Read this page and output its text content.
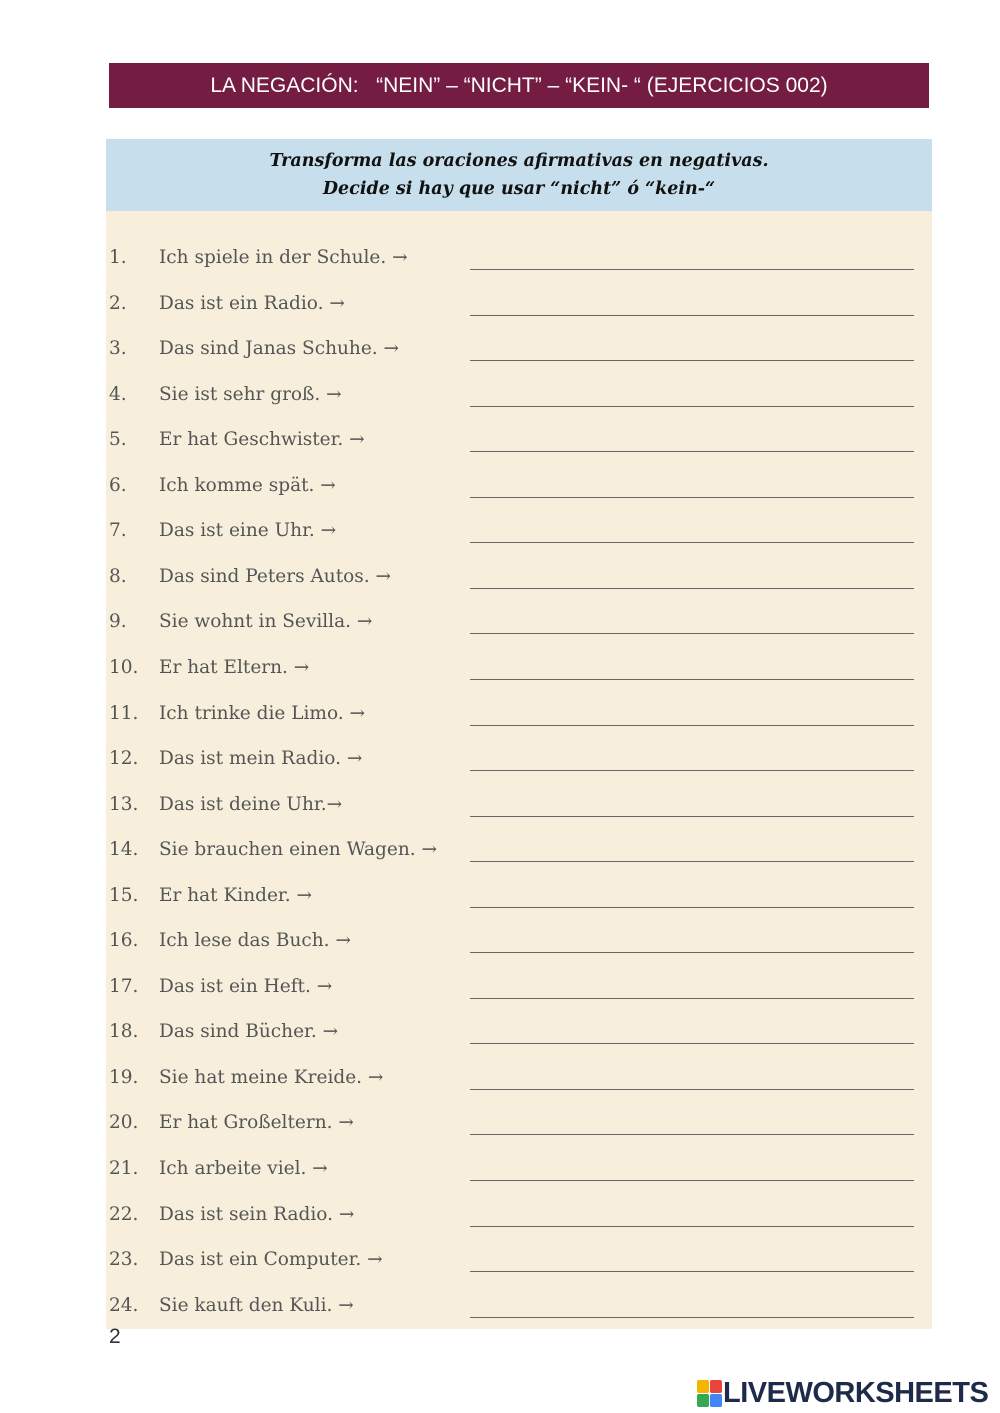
LA NEGACIÓN:   “NEIN” – “NICHT” – “KEIN- “ (EJERCICIOS 002)
Transforma las oraciones afirmativas en negativas.
Decide si hay que usar “nicht” ó “kein-“
1. Ich spiele in der Schule. →
2. Das ist ein Radio. →
3. Das sind Janas Schuhe. →
4. Sie ist sehr groß. →
5. Er hat Geschwister. →
6. Ich komme spät. →
7. Das ist eine Uhr. →
8. Das sind Peters Autos. →
9. Sie wohnt in Sevilla. →
10. Er hat Eltern. →
11. Ich trinke die Limo. →
12. Das ist mein Radio. →
13. Das ist deine Uhr.→
14. Sie brauchen einen Wagen. →
15. Er hat Kinder. →
16. Ich lese das Buch. →
17. Das ist ein Heft. →
18. Das sind Bücher. →
19. Sie hat meine Kreide. →
20. Er hat Großeltern. →
21. Ich arbeite viel. →
22. Das ist sein Radio. →
23. Das ist ein Computer. →
24. Sie kauft den Kuli. →
2
LIVEWORKSHEETS
